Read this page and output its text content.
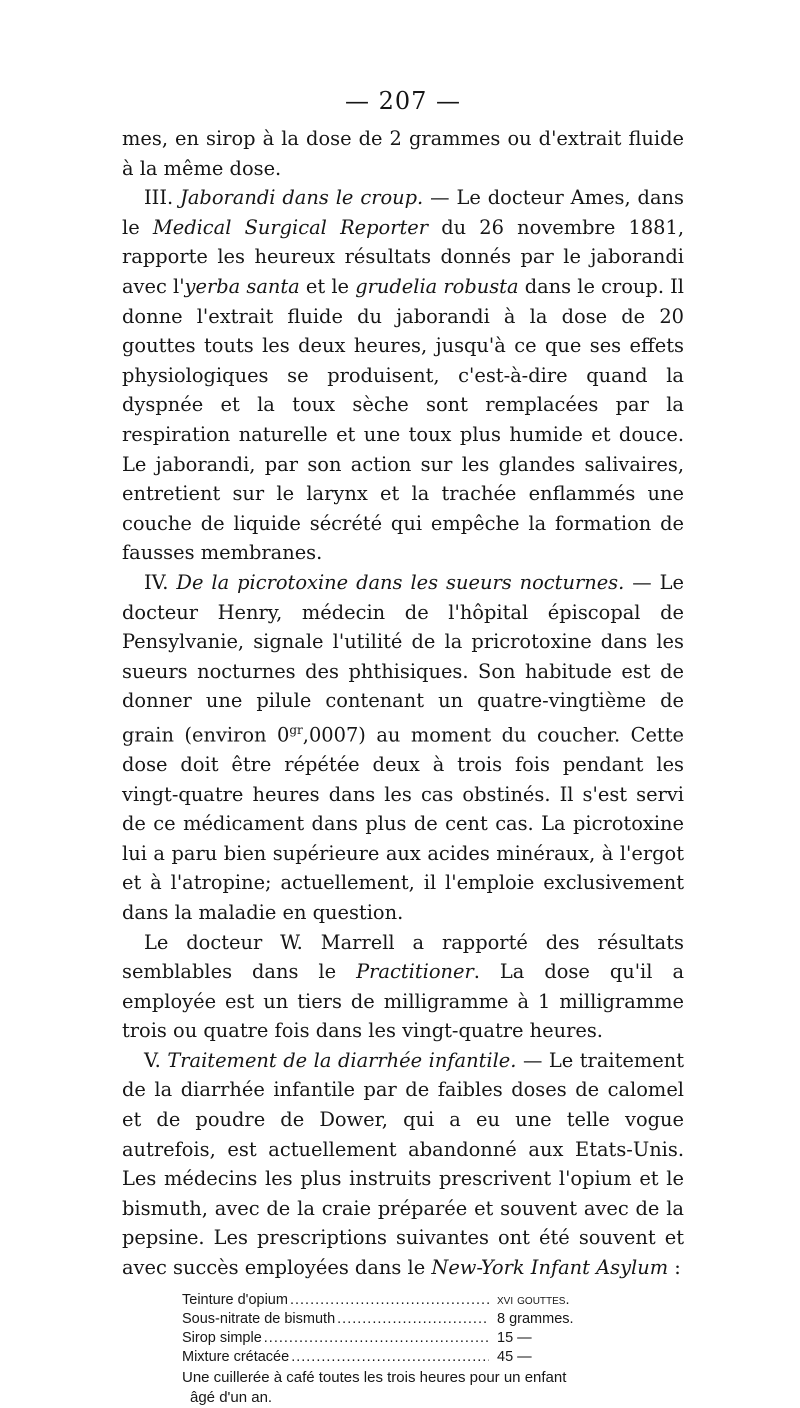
— 207 —

mes, en sirop à la dose de 2 grammes ou d'extrait fluide à la même dose.

III. Jaborandi dans le croup. — Le docteur Ames, dans le Medical Surgical Reporter du 26 novembre 1881, rapporte les heureux résultats donnés par le jaborandi avec l'yerba santa et le grudelia robusta dans le croup. Il donne l'extrait fluide du jaborandi à la dose de 20 gouttes touts les deux heures, jusqu'à ce que ses effets physiologiques se produisent, c'est-à-dire quand la dyspnée et la toux sèche sont remplacées par la respiration naturelle et une toux plus humide et douce. Le jaborandi, par son action sur les glandes salivaires, entretient sur le larynx et la trachée enflammés une couche de liquide sécrété qui empêche la formation de fausses membranes.

IV. De la picrotoxine dans les sueurs nocturnes. — Le docteur Henry, médecin de l'hôpital épiscopal de Pensylvanie, signale l'utilité de la pricrotoxine dans les sueurs nocturnes des phthisiques. Son habitude est de donner une pilule contenant un quatre-vingtième de grain (environ $0^{gr},0007$) au moment du coucher. Cette dose doit être répétée deux à trois fois pendant les vingt-quatre heures dans les cas obstinés. Il s'est servi de ce médicament dans plus de cent cas. La picrotoxine lui a paru bien supérieure aux acides minéraux, à l'ergot et à l'atropine; actuellement, il l'emploie exclusivement dans la maladie en question.

Le docteur W. Marrell a rapporté des résultats semblables dans le Practitioner. La dose qu'il a employée est un tiers de milligramme à 1 milligramme trois ou quatre fois dans les vingt-quatre heures.

V. Traitement de la diarrhée infantile. — Le traitement de la diarrhée infantile par de faibles doses de calomel et de poudre de Dower, qui a eu une telle vogue autrefois, est actuellement abandonné aux Etats-Unis. Les médecins les plus instruits prescrivent l'opium et le bismuth, avec de la craie préparée et souvent avec de la pepsine. Les prescriptions suivantes ont été souvent et avec succès employées dans le New-York Infant Asylum :

Teinture d'opium .....	xvi gouttes.
Sous-nitrate de bismuth .....	8 grammes.
Sirop simple .....	15 —
Mixture crétacée .....	45 —
Une cuillerée à café toutes les trois heures pour un enfant
âgé d'un an.
